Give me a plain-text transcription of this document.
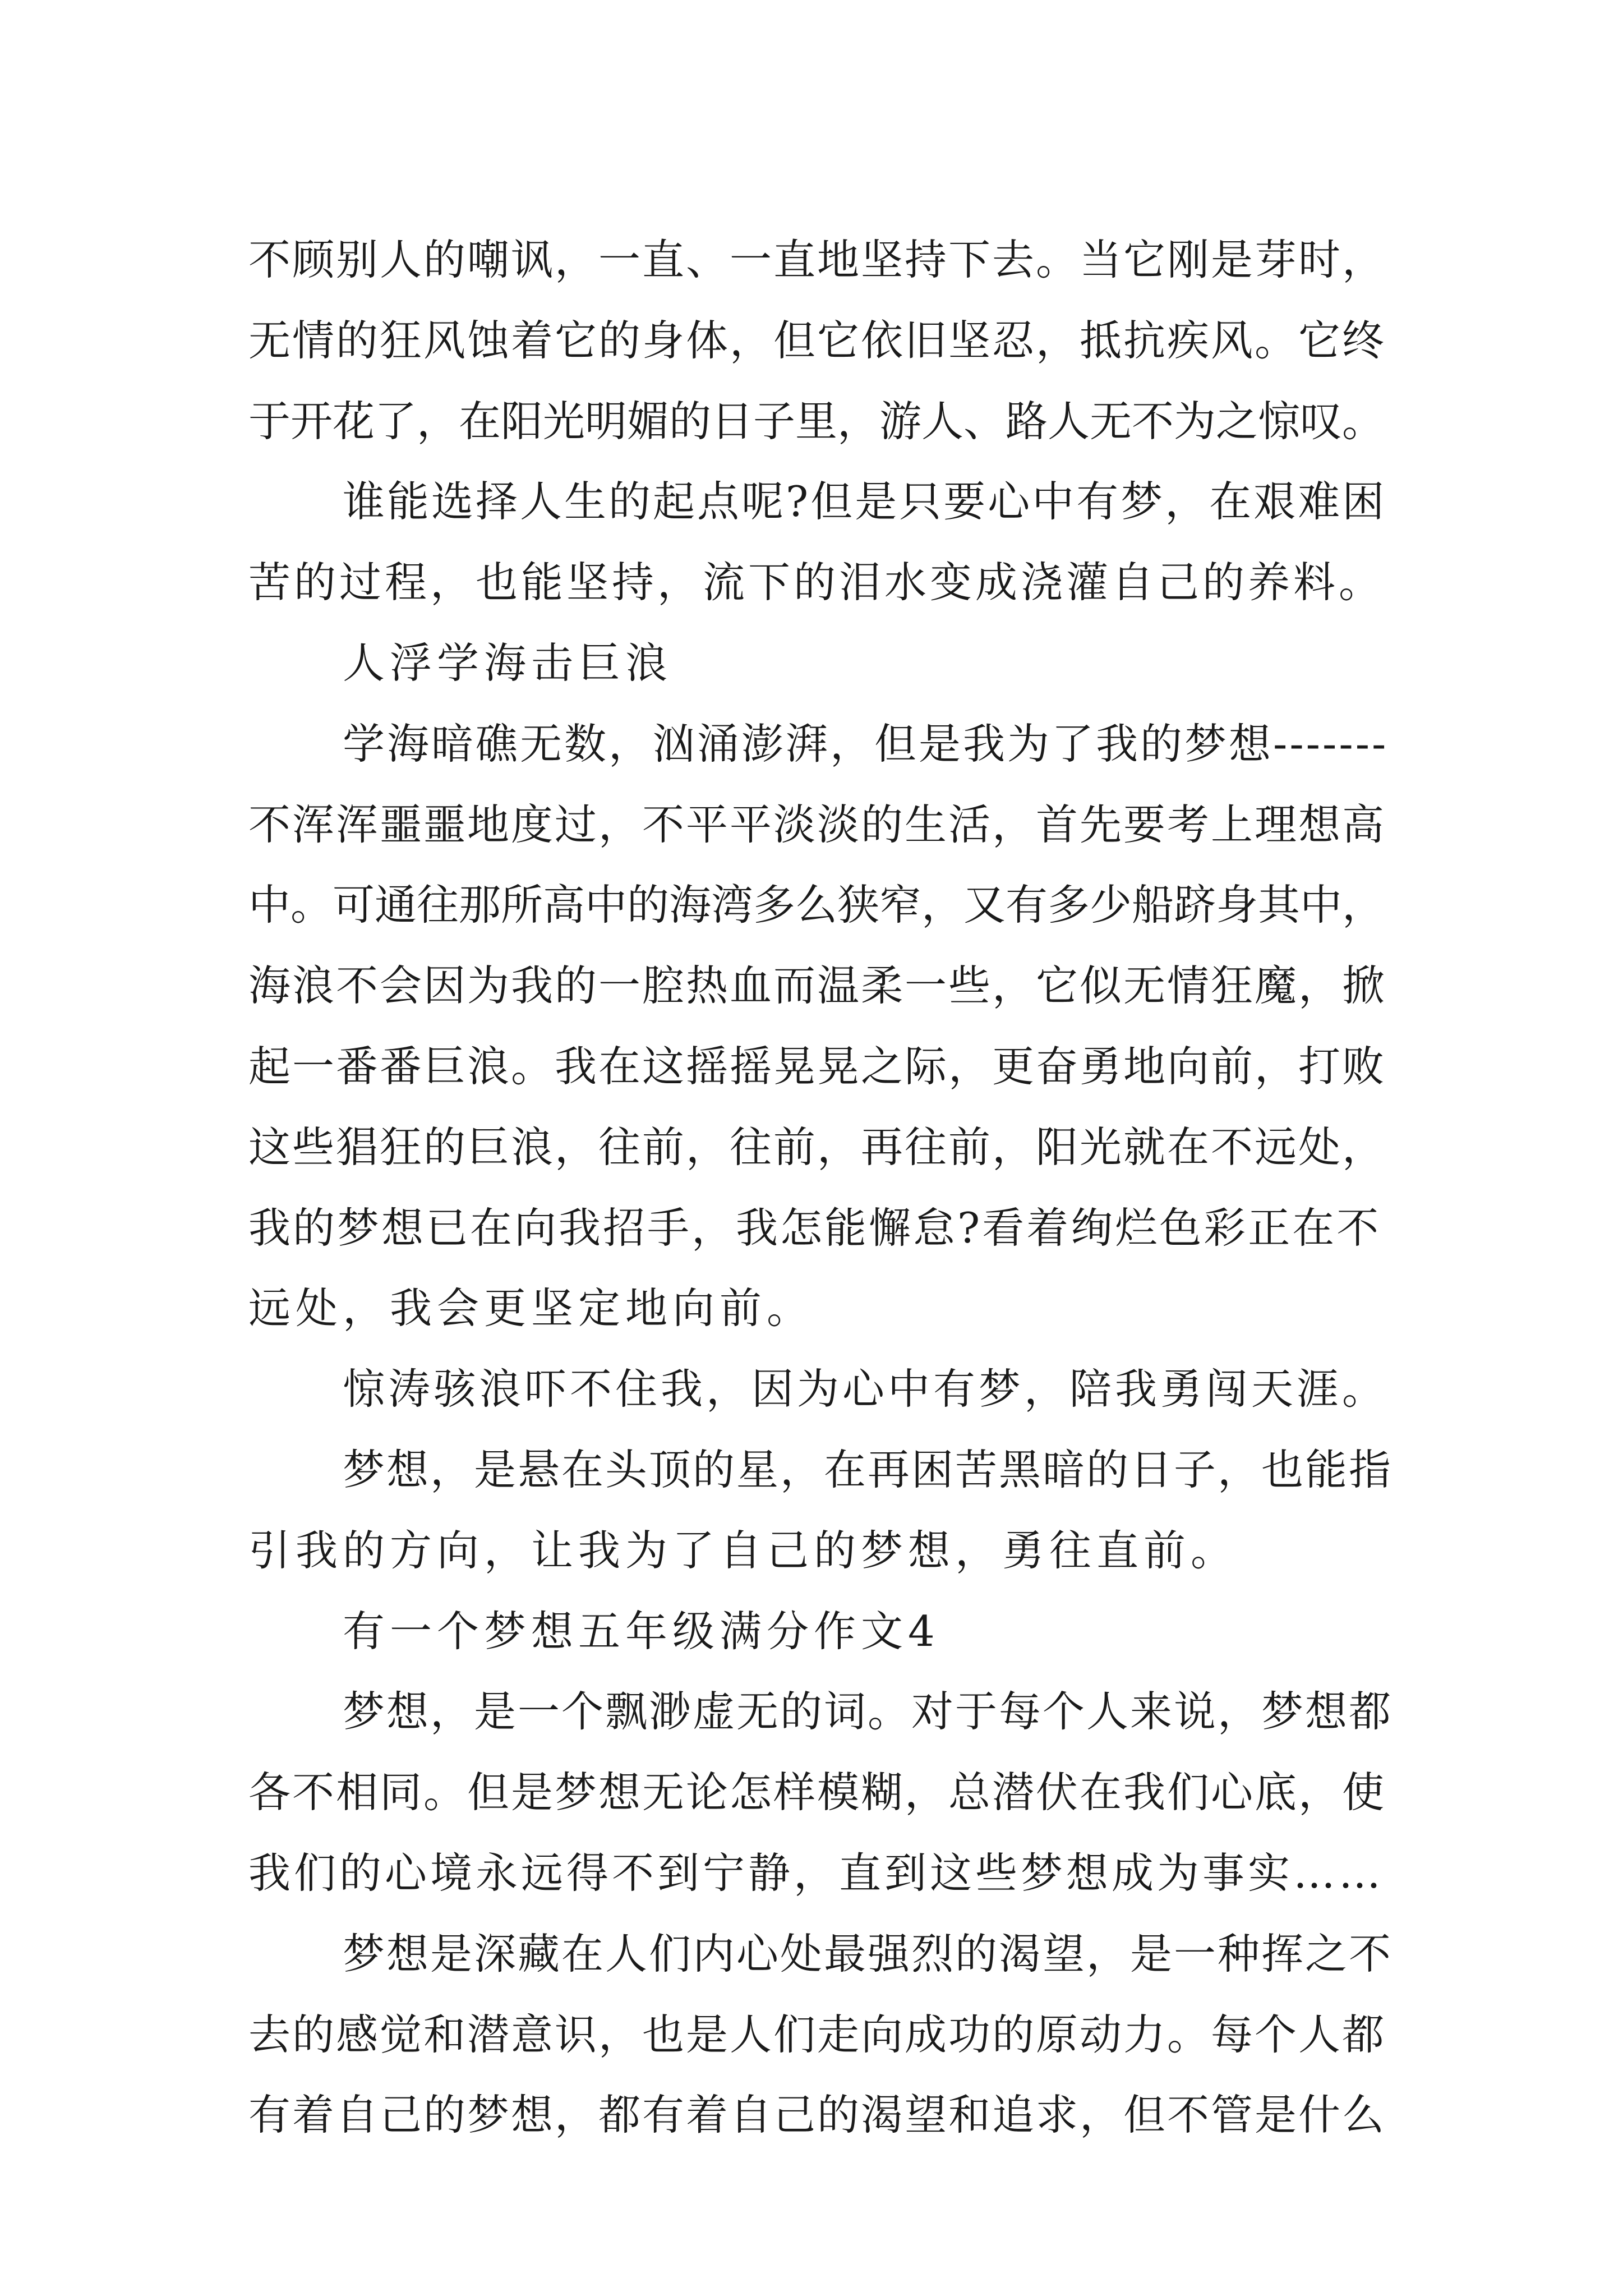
不顾别人的嘲讽，一直、一直地坚持下去。当它刚是芽时，
无情的狂风蚀着它的身体，但它依旧坚忍，抵抗疾风。它终
于开花了，在阳光明媚的日子里，游人、路人无不为之惊叹。
谁能选择人生的起点呢?但是只要心中有梦，在艰难困
苦的过程，也能坚持，流下的泪水变成浇灌自己的养料。
人浮学海击巨浪
学海暗礁无数，汹涌澎湃，但是我为了我的梦想-------
不浑浑噩噩地度过，不平平淡淡的生活，首先要考上理想高
中。可通往那所高中的海湾多么狭窄，又有多少船跻身其中，
海浪不会因为我的一腔热血而温柔一些，它似无情狂魔，掀
起一番番巨浪。我在这摇摇晃晃之际，更奋勇地向前，打败
这些猖狂的巨浪，往前，往前，再往前，阳光就在不远处，
我的梦想已在向我招手，我怎能懈怠?看着绚烂色彩正在不
远处，我会更坚定地向前。
惊涛骇浪吓不住我，因为心中有梦，陪我勇闯天涯。
梦想，是悬在头顶的星，在再困苦黑暗的日子，也能指
引我的方向，让我为了自己的梦想，勇往直前。
有一个梦想五年级满分作文4
梦想，是一个飘渺虚无的词。对于每个人来说，梦想都
各不相同。但是梦想无论怎样模糊，总潜伏在我们心底，使
我们的心境永远得不到宁静，直到这些梦想成为事实……
梦想是深藏在人们内心处最强烈的渴望，是一种挥之不
去的感觉和潜意识，也是人们走向成功的原动力。每个人都
有着自己的梦想，都有着自己的渴望和追求，但不管是什么
